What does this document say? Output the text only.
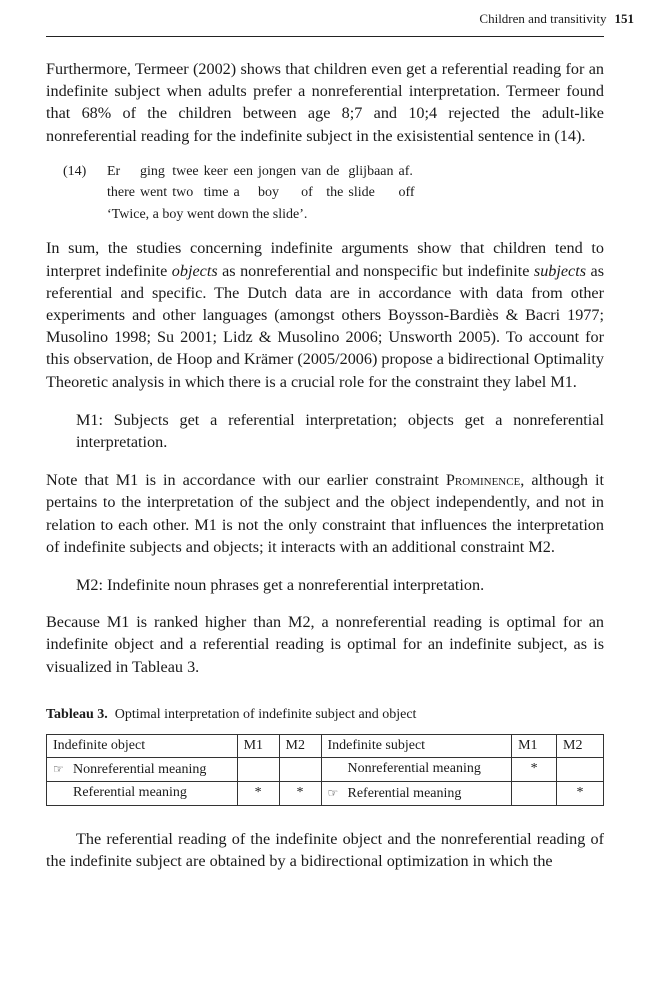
Children and transitivity 151

Furthermore, Termeer (2002) shows that children even get a referential reading for an indefinite subject when adults prefer a nonreferential interpretation. Termeer found that 68% of the children between age 8;7 and 10;4 rejected the adult-like nonreferential reading for the indefinite subject in the exisistential sentence in (14).

(14)	Er	ging	twee	keer	een	jongen	van	de	glijbaan	af.
there	went	two	time	a	boy	of	the	slide	off
‘Twice, a boy went down the slide’.

In sum, the studies concerning indefinite arguments show that children tend to interpret indefinite objects as nonreferential and nonspecific but indefinite subjects as referential and specific. The Dutch data are in accordance with data from other experiments and other languages (amongst others Boysson-Bardiès & Bacri 1977; Musolino 1998; Su 2001; Lidz & Musolino 2006; Unsworth 2005). To account for this observation, de Hoop and Krämer (2005/2006) propose a bidirectional Optimality Theoretic analysis in which there is a crucial role for the constraint they label M1.

M1: Subjects get a referential interpretation; objects get a nonreferential interpretation.

Note that M1 is in accordance with our earlier constraint Prominence, although it pertains to the interpretation of the subject and the object independently, and not in relation to each other. M1 is not the only constraint that influences the interpretation of indefinite subjects and objects; it interacts with an additional constraint M2.

M2: Indefinite noun phrases get a nonreferential interpretation.

Because M1 is ranked higher than M2, a nonreferential reading is optimal for an indefinite object and a referential reading is optimal for an indefinite subject, as is visualized in Tableau 3.

Tableau 3. Optimal interpretation of indefinite subject and object
Indefinite object	M1	M2	Indefinite subject	M1	M2
☞ Nonreferential meaning			Nonreferential meaning	*	
Referential meaning	*	*	☞ Referential meaning		*

The referential reading of the indefinite object and the nonreferential reading of the indefinite subject are obtained by a bidirectional optimization in which the
